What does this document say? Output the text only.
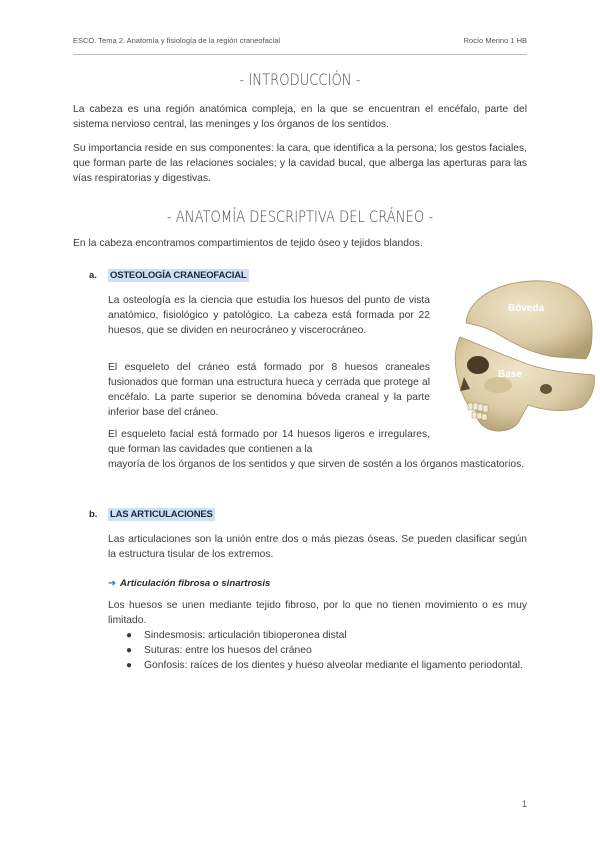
ESCO. Tema 2. Anatomía y fisiología de la región craneofacial	Rocío Merino 1 HB
- INTRODUCCIÓN -
La cabeza es una región anatómica compleja, en la que se encuentran el encéfalo, parte del sistema nervioso central, las meninges y los órganos de los sentidos.
Su importancia reside en sus componentes: la cara, que identifica a la persona; los gestos faciales, que forman parte de las relaciones sociales; y la cavidad bucal, que alberga las aperturas para las vías respiratorias y digestivas.
- ANATOMÍA DESCRIPTIVA DEL CRÁNEO -
En la cabeza encontramos compartimientos de tejido óseo y tejidos blandos.
a. OSTEOLOGÍA CRANEOFACIAL
La osteología es la ciencia que estudia los huesos del punto de vista anatómico, fisiológico y patológico. La cabeza está formada por 22 huesos, que se dividen en neurocráneo y viscerocráneo.
El esqueleto del cráneo está formado por 8 huesos craneales fusionados que forman una estructura hueca y cerrada que protege al encéfalo. La parte superior se denomina bóveda craneal y la parte inferior base del cráneo.
El esqueleto facial está formado por 14 huesos ligeros e irregulares, que forman las cavidades que contienen a la
mayoría de los órganos de los sentidos y que sirven de sostén a los órganos masticatorios.
Bóveda
Base
b. LAS ARTICULACIONES
Las articulaciones son la unión entre dos o más piezas óseas. Se pueden clasificar según la estructura tisular de los extremos.
➔ Articulación fibrosa o sinartrosis
Los huesos se unen mediante tejido fibroso, por lo que no tienen movimiento o es muy limitado.
● Sindesmosis: articulación tibioperonea distal
● Suturas: entre los huesos del cráneo
● Gonfosis: raíces de los dientes y hueso alveolar mediante el ligamento periodontal.
1
